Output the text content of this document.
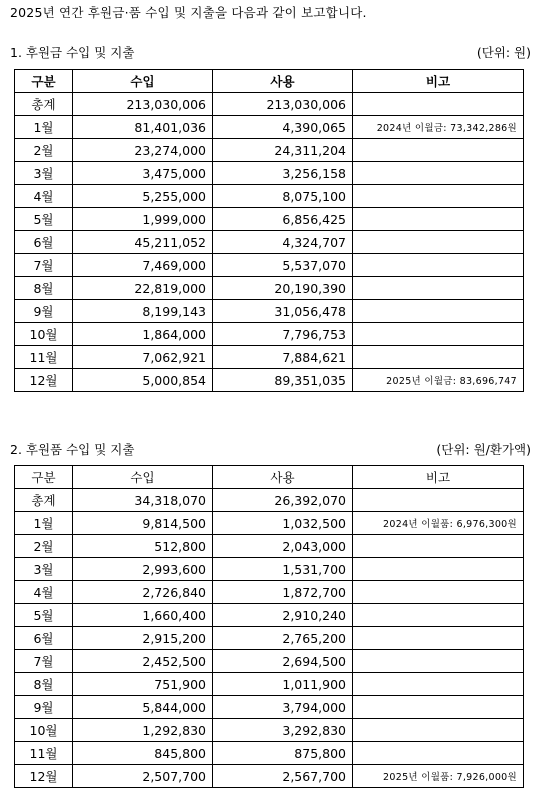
2025년 연간 후원금·품 수입 및 지출을 다음과 같이 보고합니다.
1. 후원금 수입 및 지출	(단위: 원)
구분	수입	사용	비고
총계	213,030,006	213,030,006	
1월	81,401,036	4,390,065	2024년 이월금: 73,342,286원
2월	23,274,000	24,311,204	
3월	3,475,000	3,256,158	
4월	5,255,000	8,075,100	
5월	1,999,000	6,856,425	
6월	45,211,052	4,324,707	
7월	7,469,000	5,537,070	
8월	22,819,000	20,190,390	
9월	8,199,143	31,056,478	
10월	1,864,000	7,796,753	
11월	7,062,921	7,884,621	
12월	5,000,854	89,351,035	2025년 이월금: 83,696,747
2. 후원품 수입 및 지출	(단위: 원/환가액)
구분	수입	사용	비고
총계	34,318,070	26,392,070	
1월	9,814,500	1,032,500	2024년 이월품: 6,976,300원
2월	512,800	2,043,000	
3월	2,993,600	1,531,700	
4월	2,726,840	1,872,700	
5월	1,660,400	2,910,240	
6월	2,915,200	2,765,200	
7월	2,452,500	2,694,500	
8월	751,900	1,011,900	
9월	5,844,000	3,794,000	
10월	1,292,830	3,292,830	
11월	845,800	875,800	
12월	2,507,700	2,567,700	2025년 이월품: 7,926,000원
